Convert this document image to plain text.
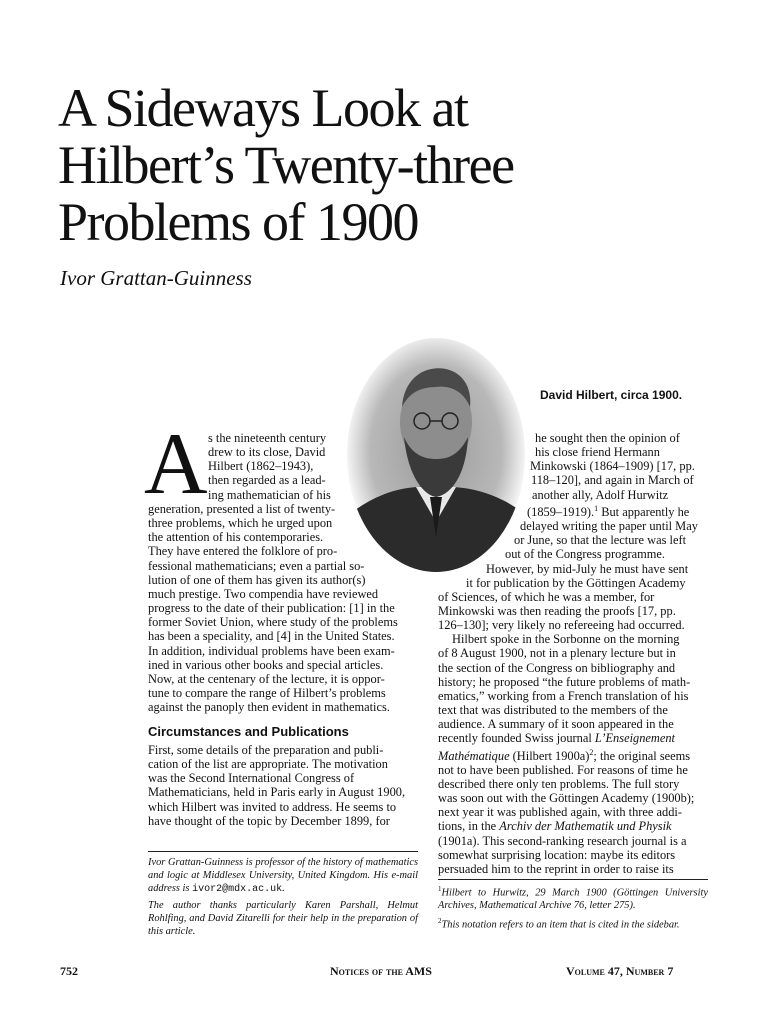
A Sideways Look at
Hilbert’s Twenty-three
Problems of 1900
Ivor Grattan-Guinness
David Hilbert, circa 1900.
A s the nineteenth century

drew to its close, David

Hilbert (1862–1943),

then regarded as a lead-

ing mathematician of his

generation, presented a list of twenty-

three problems, which he urged upon

the attention of his contemporaries.

They have entered the folklore of pro-

fessional mathematicians; even a partial so-

lution of one of them has given its author(s)

much prestige. Two compendia have reviewed

progress to the date of their publication: [1] in the

former Soviet Union, where study of the problems

has been a speciality, and [4] in the United States.

In addition, individual problems have been exam-

ined in various other books and special articles.

Now, at the centenary of the lecture, it is oppor-

tune to compare the range of Hilbert’s problems

against the panoply then evident in mathematics.

Circumstances and Publications

First, some details of the preparation and publi-

cation of the list are appropriate. The motivation

was the Second International Congress of

Mathematicians, held in Paris early in August 1900,

which Hilbert was invited to address. He seems to

have thought of the topic by December 1899, for

Ivor Grattan-Guinness is professor of the history of mathematics and logic at Middlesex University, United Kingdom. His e-mail address is ivor2@mdx.ac.uk.

The author thanks particularly Karen Parshall, Helmut Rohlfing, and David Zitarelli for their help in the preparation of this article.

he sought then the opinion of

his close friend Hermann

Minkowski (1864–1909) [17, pp.

118–120], and again in March of

another ally, Adolf Hurwitz

(1859–1919).$^1$ But apparently he

delayed writing the paper until May

or June, so that the lecture was left

out of the Congress programme.

However, by mid-July he must have sent

it for publication by the Göttingen Academy

of Sciences, of which he was a member, for

Minkowski was then reading the proofs [17, pp.

126–130]; very likely no refereeing had occurred.

Hilbert spoke in the Sorbonne on the morning

of 8 August 1900, not in a plenary lecture but in

the section of the Congress on bibliography and

history; he proposed “the future problems of math-

ematics,” working from a French translation of his

text that was distributed to the members of the

audience. A summary of it soon appeared in the

recently founded Swiss journal L’Enseignement

Mathématique (Hilbert 1900a)$^2$; the original seems

not to have been published. For reasons of time he

described there only ten problems. The full story

was soon out with the Göttingen Academy (1900b);

next year it was published again, with three addi-

tions, in the Archiv der Mathematik und Physik

(1901a). This second-ranking research journal is a

somewhat surprising location: maybe its editors

persuaded him to the reprint in order to raise its

$^1$Hilbert to Hurwitz, 29 March 1900 (Göttingen University Archives, Mathematical Archive 76, letter 275).

$^2$This notation refers to an item that is cited in the sidebar.

752	Notices of the AMS	Volume 47, Number 7
